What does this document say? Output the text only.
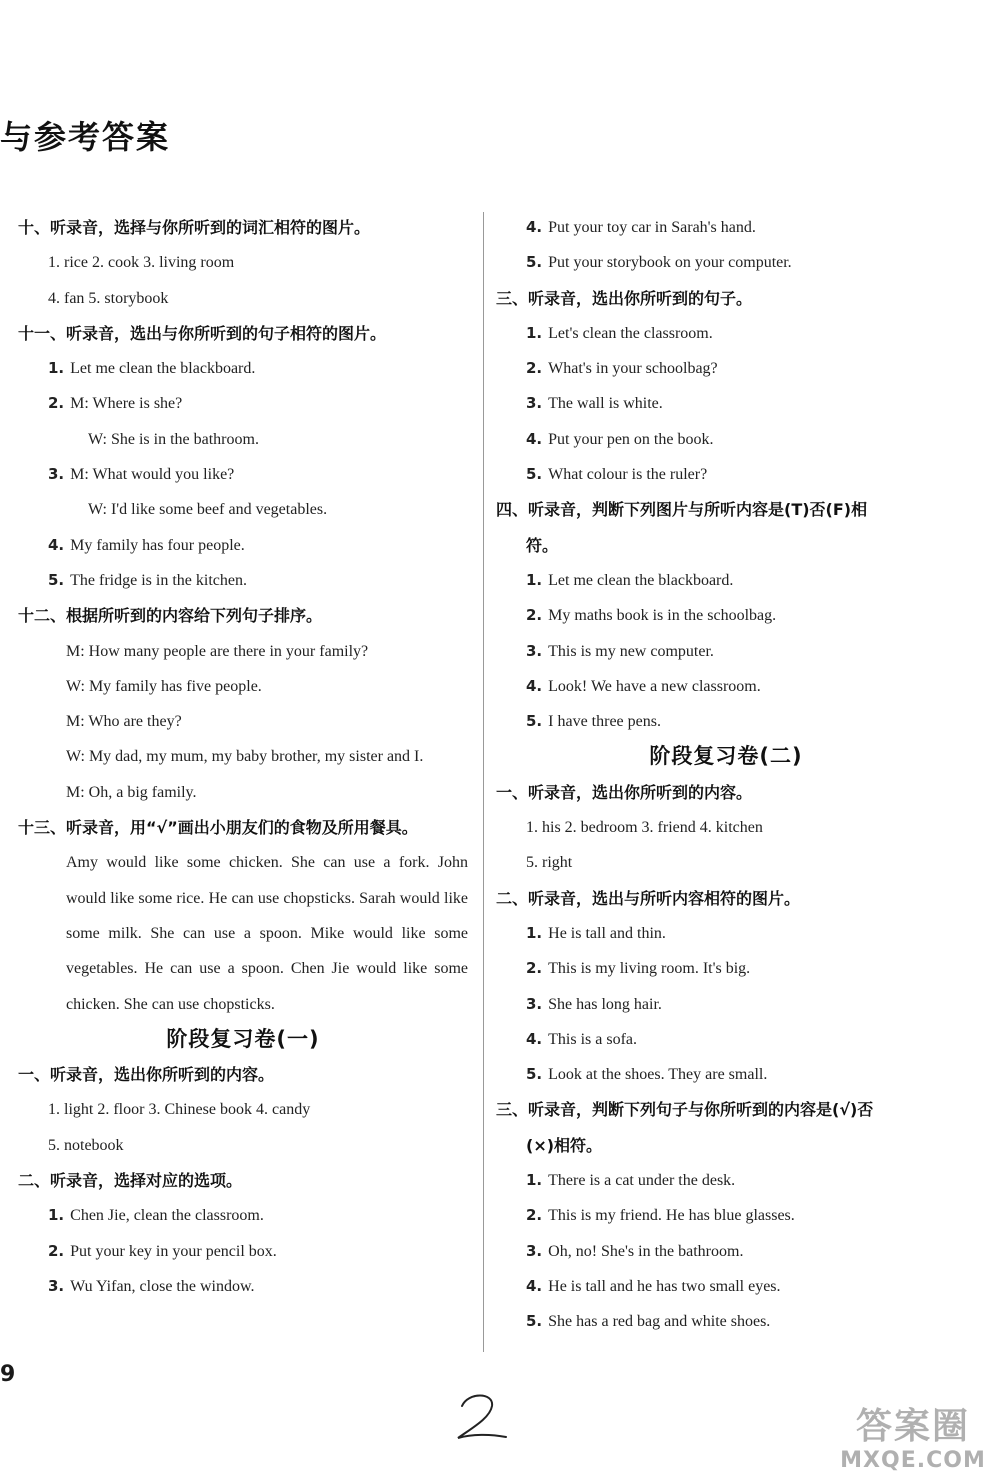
与参考答案
十、听录音，选择与你所听到的词汇相符的图片。
1. rice 2. cook 3. living room
4. fan 5. storybook
十一、听录音，选出与你所听到的句子相符的图片。
1. Let me clean the blackboard.
2. M: Where is she?
W: She is in the bathroom.
3. M: What would you like?
W: I'd like some beef and vegetables.
4. My family has four people.
5. The fridge is in the kitchen.
十二、根据所听到的内容给下列句子排序。
M: How many people are there in your family?
W: My family has five people.
M: Who are they?
W: My dad, my mum, my baby brother, my sister and I.
M: Oh, a big family.
十三、听录音，用“√”画出小朋友们的食物及所用餐具。
Amy would like some chicken. She can use a fork. John would like some rice. He can use chopsticks. Sarah would like some milk. She can use a spoon. Mike would like some vegetables. He can use a spoon. Chen Jie would like some chicken. She can use chopsticks.
阶段复习卷(一)
一、听录音，选出你所听到的内容。
1. light 2. floor 3. Chinese book 4. candy
5. notebook
二、听录音，选择对应的选项。
1. Chen Jie, clean the classroom.
2. Put your key in your pencil box.
3. Wu Yifan, close the window.
4. Put your toy car in Sarah's hand.
5. Put your storybook on your computer.
三、听录音，选出你所听到的句子。
1. Let's clean the classroom.
2. What's in your schoolbag?
3. The wall is white.
4. Put your pen on the book.
5. What colour is the ruler?
四、听录音，判断下列图片与所听内容是(T)否(F)相
符。
1. Let me clean the blackboard.
2. My maths book is in the schoolbag.
3. This is my new computer.
4. Look! We have a new classroom.
5. I have three pens.
阶段复习卷(二)
一、听录音，选出你所听到的内容。
1. his 2. bedroom 3. friend 4. kitchen
5. right
二、听录音，选出与所听内容相符的图片。
1. He is tall and thin.
2. This is my living room. It's big.
3. She has long hair.
4. This is a sofa.
5. Look at the shoes. They are small.
三、听录音，判断下列句子与你所听到的内容是(√)否
(×)相符。
1. There is a cat under the desk.
2. This is my friend. He has blue glasses.
3. Oh, no! She's in the bathroom.
4. He is tall and he has two small eyes.
5. She has a red bag and white shoes.
9
答案圈
MXQE.COM
